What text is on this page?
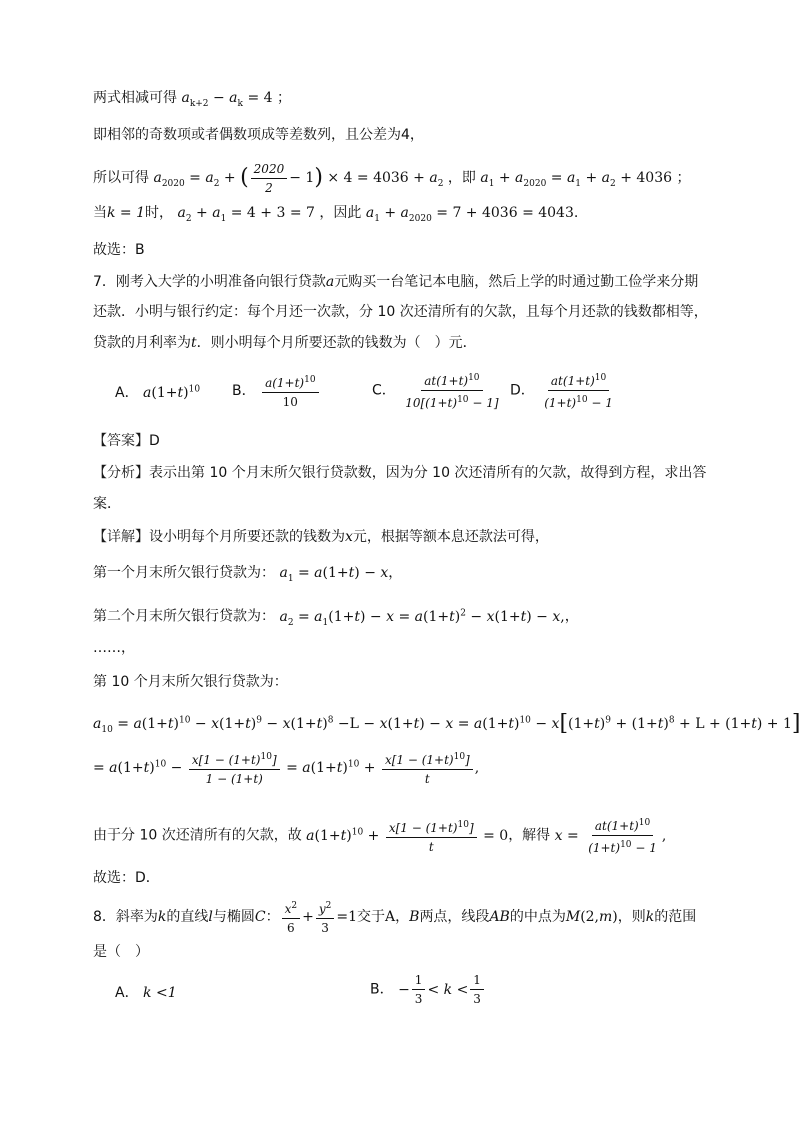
两式相减可得 $a_{k+2} - a_k = 4$ ；
即相邻的奇数项或者偶数项成等差数列，且公差为4，
所以可得 $a_{2020} = a_2$ + ( $\frac{2020}{2} - 1) \times 4 = 4036 + a_2$ ，即 $a_1 + a_{2020} = a_1 + a_2 + 4036$ ；
当k = 1时， $a_2 + a_1 = 4 + 3 = 7$ ，因此 $a_1 + a_{2020} = 7 + 4036 = 4043$.
故选：B
7．刚考入大学的小明准备向银行贷款a元购买一台笔记本电脑，然后上学的时通过勤工俭学来分期
还款．小明与银行约定：每个月还一次款，分 10 次还清所有的欠款，且每个月还款的钱数都相等，
贷款的月利率为t．则小明每个月所要还款的钱数为（　）元．
A． $a(1+t)^{10}$ B． $\frac{a(1+t)^{10}}{10}$	C． $\frac{at(1+t)^{10}}{10[(1+t)^{10} - 1]}$ D． $\frac{at(1+t)^{10}}{(1+t)^{10} - 1}$
【答案】D
【分析】表示出第 10 个月末所欠银行贷款数，因为分 10 次还清所有的欠款，故得到方程，求出答
案．
【详解】设小明每个月所要还款的钱数为x元，根据等额本息还款法可得，
第一个月末所欠银行贷款为： $a_1 = a(1+t) - x$，
第二个月末所欠银行贷款为： $a_2 = a_1(1+t) - x = a(1+t)^2 - x(1+t) - x$,，
……，
第 10 个月末所欠银行贷款为：
$a_{10} = a(1+t)^{10} - x(1+t)^9 - x(1+t)^8 -L - x(1+t) - x = a(1+t)^{10} - x[(1+t)^9 + (1+t)^8 + L + (1+t) + 1]$
= $a(1+t)^{10} - \frac{x[1 - (1+t)^{10}]}{1 - (1+t)} = a(1+t)^{10} + \frac{x[1 - (1+t)^{10}]}{t}$ ,
由于分 10 次还清所有的欠款，故 $a(1+t)^{10} + \frac{x[1 - (1+t)^{10}]}{t} = 0$，解得 $x = \frac{at(1+t)^{10}}{(1+t)^{10} - 1}$ ,
故选：D．
8．斜率为k的直线l与椭圆C： $\frac{x^2}{6} + \frac{y^2}{3} =1$交于A，B两点，线段AB的中点为M(2,m)，则k的范围
是（　）
A． k <1	B． − $\frac{1}{3} < k < \frac{1}{3}$
